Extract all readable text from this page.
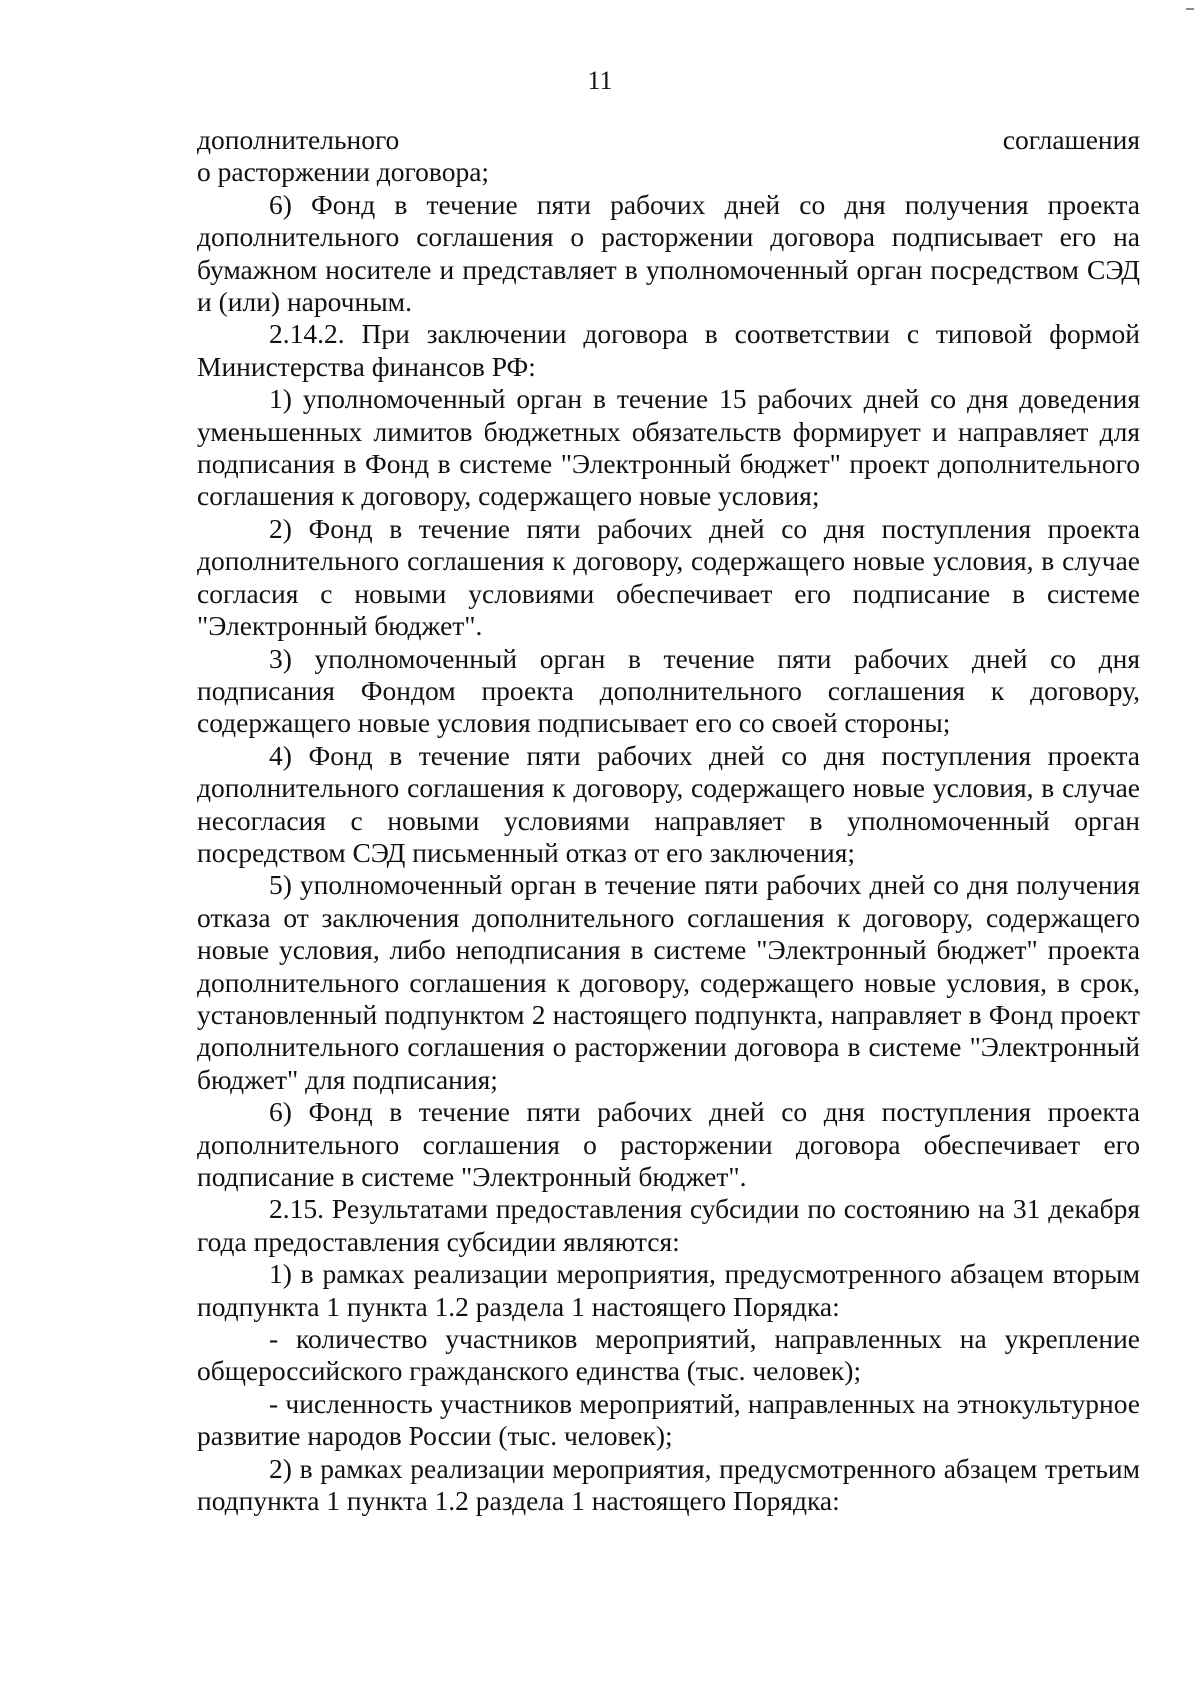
11
дополнительного	соглашения

о расторжении договора;

6) Фонд в течение пяти рабочих дней со дня получения проекта дополнительного соглашения о расторжении договора подписывает его на бумажном носителе и представляет в уполномоченный орган посредством СЭД и (или) нарочным.

2.14.2. При заключении договора в соответствии с типовой формой Министерства финансов РФ:

1) уполномоченный орган в течение 15 рабочих дней со дня доведения уменьшенных лимитов бюджетных обязательств формирует и направляет для подписания в Фонд в системе "Электронный бюджет" проект дополнительного соглашения к договору, содержащего новые условия;

2) Фонд в течение пяти рабочих дней со дня поступления проекта дополнительного соглашения к договору, содержащего новые условия, в случае согласия с новыми условиями обеспечивает его подписание в системе "Электронный бюджет".

3) уполномоченный орган в течение пяти рабочих дней со дня подписания Фондом проекта дополнительного соглашения к договору, содержащего новые условия подписывает его со своей стороны;

4) Фонд в течение пяти рабочих дней со дня поступления проекта дополнительного соглашения к договору, содержащего новые условия, в случае несогласия с новыми условиями направляет в уполномоченный орган посредством СЭД письменный отказ от его заключения;

5) уполномоченный орган в течение пяти рабочих дней со дня получения отказа от заключения дополнительного соглашения к договору, содержащего новые условия, либо неподписания в системе "Электронный бюджет" проекта дополнительного соглашения к договору, содержащего новые условия, в срок, установленный подпунктом 2 настоящего подпункта, направляет в Фонд проект дополнительного соглашения о расторжении договора в системе "Электронный бюджет" для подписания;

6) Фонд в течение пяти рабочих дней со дня поступления проекта дополнительного соглашения о расторжении договора обеспечивает его подписание в системе "Электронный бюджет".

2.15. Результатами предоставления субсидии по состоянию на 31 декабря года предоставления субсидии являются:

1) в рамках реализации мероприятия, предусмотренного абзацем вторым подпункта 1 пункта 1.2 раздела 1 настоящего Порядка:

- количество участников мероприятий, направленных на укрепление общероссийского гражданского единства (тыс. человек);

- численность участников мероприятий, направленных на этнокультурное развитие народов России (тыс. человек);

2) в рамках реализации мероприятия, предусмотренного абзацем третьим подпункта 1 пункта 1.2 раздела 1 настоящего Порядка:
